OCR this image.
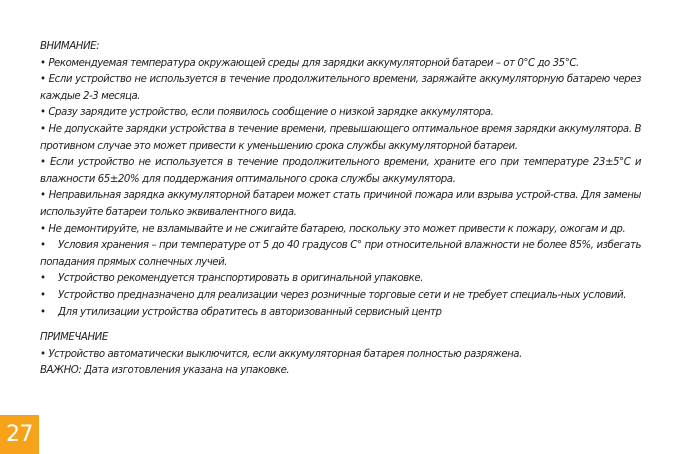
ВНИМАНИЕ:
• Рекомендуемая температура окружающей среды для зарядки аккумуляторной батареи – от 0°С до 35°С.
• Если устройство не используется в течение продолжительного времени, заряжайте аккумуляторную батарею через каждые 2-3 месяца.
• Сразу зарядите устройство, если появилось сообщение о низкой зарядке аккумулятора.
• Не допускайте зарядки устройства в течение времени, превышающего оптимальное время зарядки аккумулятора. В противном случае это может привести к уменьшению срока службы аккумуляторной батареи.
• Если устройство не используется в течение продолжительного времени, храните его при температуре 23±5°С и влажности 65±20% для поддержания оптимального срока службы аккумулятора.
• Неправильная зарядка аккумуляторной батареи может стать причиной пожара или взрыва устрой-ства. Для замены используйте батареи только эквивалентного вида.
• Не демонтируйте, не взламывайте и не сжигайте батарею, поскольку это может привести к пожару, ожогам и др.
• Условия хранения – при температуре от 5 до 40 градусов С° при относительной влажности не более 85%, избегать попадания прямых солнечных лучей.
• Устройство рекомендуется транспортировать в оригинальной упаковке.
• Устройство предназначено для реализации через розничные торговые сети и не требует специаль-ных условий.
• Для утилизации устройства обратитесь в авторизованный сервисный центр
ПРИМЕЧАНИЕ
• Устройство автоматически выключится, если аккумуляторная батарея полностью разряжена.
ВАЖНО: Дата изготовления указана на упаковке.
27
